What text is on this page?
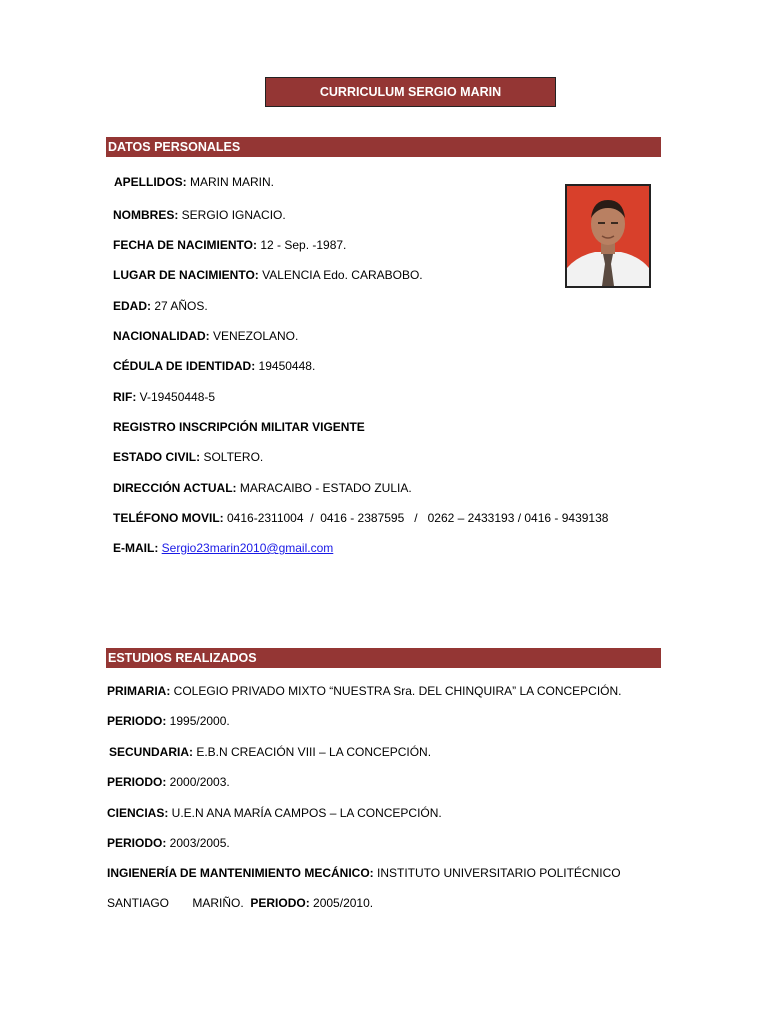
CURRICULUM SERGIO MARIN
DATOS PERSONALES
APELLIDOS: MARIN MARIN.
NOMBRES: SERGIO IGNACIO.
FECHA DE NACIMIENTO: 12 - Sep. -1987.
LUGAR DE NACIMIENTO: VALENCIA Edo. CARABOBO.
EDAD: 27 AÑOS.
NACIONALIDAD: VENEZOLANO.
CÉDULA DE IDENTIDAD: 19450448.
RIF: V-19450448-5
REGISTRO INSCRIPCIÓN MILITAR VIGENTE
ESTADO CIVIL: SOLTERO.
DIRECCIÓN ACTUAL: MARACAIBO - ESTADO ZULIA.
TELÉFONO MOVIL: 0416-2311004  /  0416 - 2387595   /   0262 – 2433193 / 0416 - 9439138
E-MAIL: Sergio23marin2010@gmail.com
ESTUDIOS REALIZADOS
PRIMARIA: COLEGIO PRIVADO MIXTO “NUESTRA Sra. DEL CHINQUIRA” LA CONCEPCIÓN.
PERIODO: 1995/2000.
SECUNDARIA: E.B.N CREACIÓN VIII – LA CONCEPCIÓN.
PERIODO: 2000/2003.
CIENCIAS: U.E.N ANA MARÍA CAMPOS – LA CONCEPCIÓN.
PERIODO: 2003/2005.
INGIENERÍA DE MANTENIMIENTO MECÁNICO: INSTITUTO UNIVERSITARIO POLITÉCNICO
SANTIAGO       MARIÑO. PERIODO: 2005/2010.
